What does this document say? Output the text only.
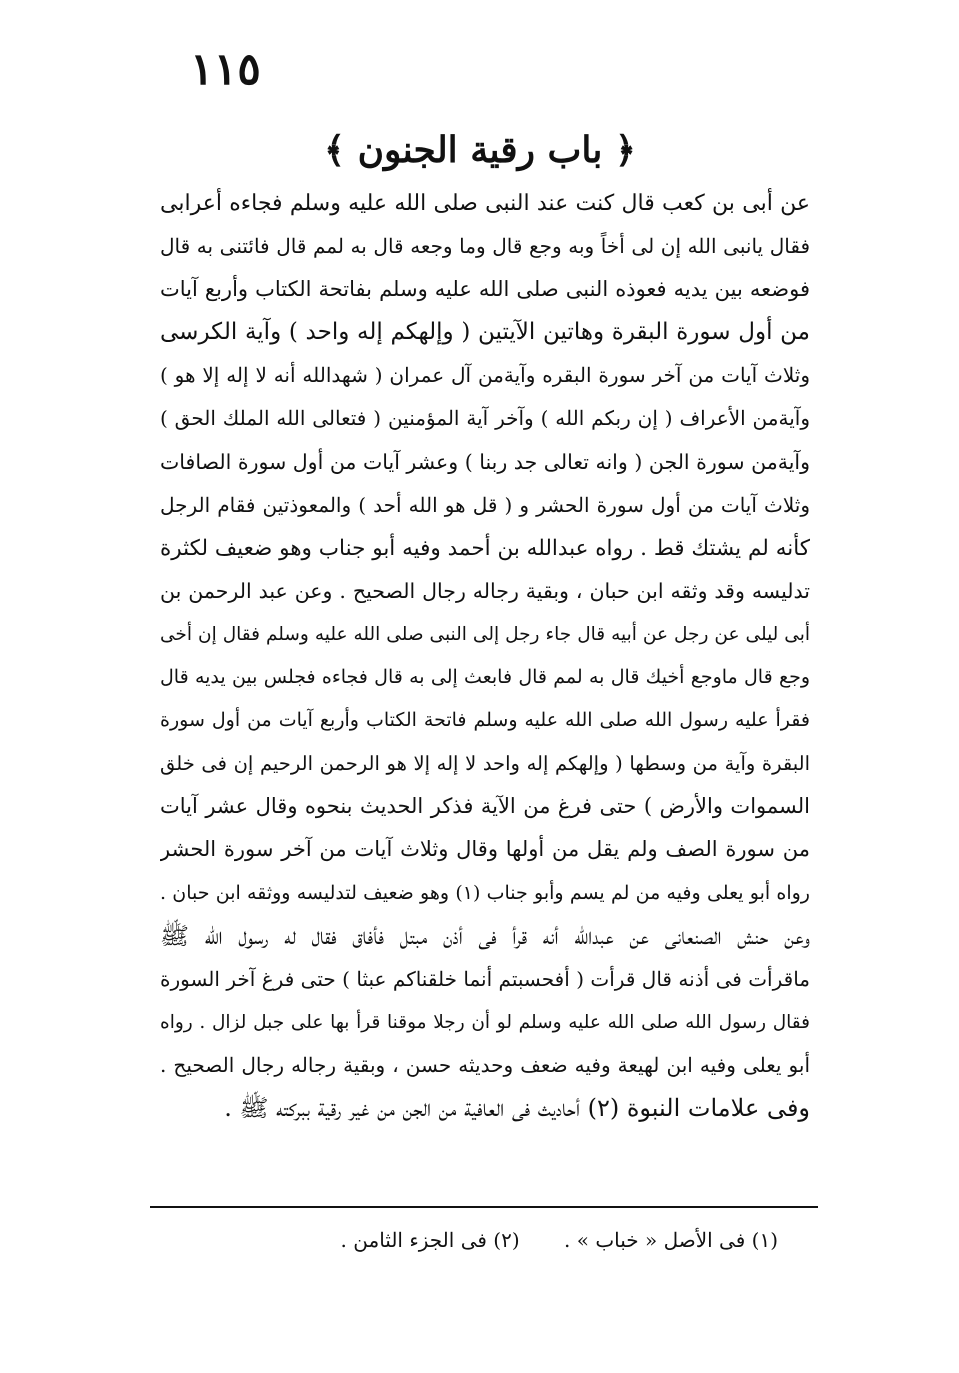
١١٥
﴿ باب رقية الجنون ﴾
عن أبى بن كعب قال كنت عند النبى صلى الله عليه وسلم فجاءه أعرابى
فقال يانبى الله إن لى أخاً وبه وجع قال وما وجعه قال به لمم قال فائتنى به قال
فوضعه بين يديه فعوذه النبى صلى الله عليه وسلم بفاتحة الكتاب وأربع آيات
من أول سورة البقرة وهاتين الآيتين ( وإلهكم إله واحد ) وآية الكرسى
وثلاث آيات من آخر سورة البقره وآيةمن آل عمران ( شهدالله أنه لا إله إلا هو )
وآيةمن الأعراف ( إن ربكم الله ) وآخر آية المؤمنين ( فتعالى الله الملك الحق )
وآيةمن سورة الجن ( وانه تعالى جد ربنا ) وعشر آيات من أول سورة الصافات
وثلاث آيات من أول سورة الحشر و ( قل هو الله أحد ) والمعوذتين فقام الرجل
كأنه لم يشتك قط . رواه عبدالله بن أحمد وفيه أبو جناب وهو ضعيف لكثرة
تدليسه وقد وثقه ابن حبان ، وبقية رجاله رجال الصحيح . وعن عبد الرحمن بن
أبى ليلى عن رجل عن أبيه قال جاء رجل إلى النبى صلى الله عليه وسلم فقال إن أخى
وجع قال ماوجع أخيك قال به لمم قال فابعث إلى به قال فجاءه فجلس بين يديه قال
فقرأ عليه رسول الله صلى الله عليه وسلم فاتحة الكتاب وأربع آيات من أول سورة
البقرة وآية من وسطها ( وإلهكم إله واحد لا إله إلا هو الرحمن الرحيم إن فى خلق
السموات والأرض ) حتى فرغ من الآية فذكر الحديث بنحوه وقال عشر آيات
من سورة الصف ولم يقل من أولها وقال وثلاث آيات من آخر سورة الحشر
رواه أبو يعلى وفيه من لم يسم وأبو جناب (١) وهو ضعيف لتدليسه ووثقه ابن حبان .
وعن حنش الصنعانى عن عبدالله أنه قرأ فى أذن مبتل فأفاق فقال له رسول الله ﷺ
ماقرأت فى أذنه قال قرأت ( أفحسبتم أنما خلقناكم عبثا ) حتى فرغ آخر السورة
فقال رسول الله صلى الله عليه وسلم لو أن رجلا موقنا قرأ بها على جبل لزال . رواه
أبو يعلى وفيه ابن لهيعة وفيه ضعف وحديثه حسن ، وبقية رجاله رجال الصحيح .
وفى علامات النبوة (٢) أحاديث فى العافية من الجن من غير رقية ببركته ﷺ .
(١) فى الأصل « خباب » . (٢) فى الجزء الثامن .
